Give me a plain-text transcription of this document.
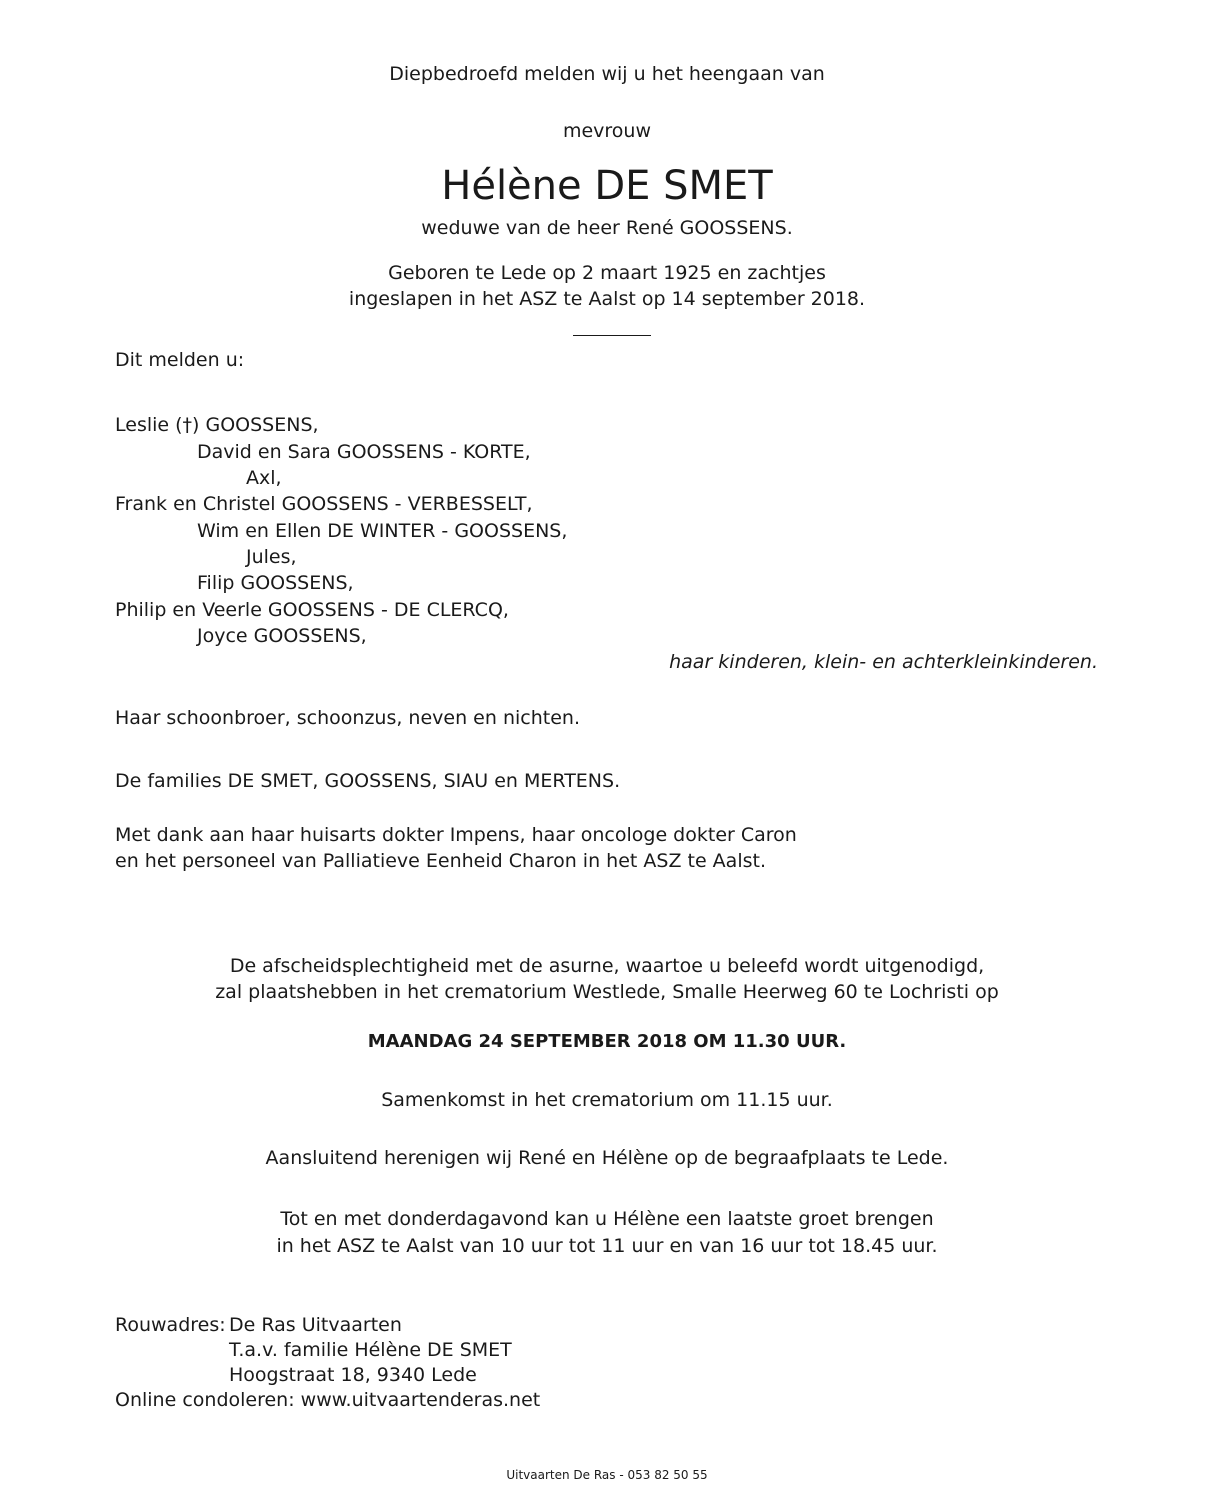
Diepbedroefd melden wij u het heengaan van
mevrouw
Hélène DE SMET
weduwe van de heer René GOOSSENS.
Geboren te Lede op 2 maart 1925 en zachtjes
ingeslapen in het ASZ te Aalst op 14 september 2018.
Dit melden u:
Leslie (†) GOOSSENS,
David en Sara GOOSSENS - KORTE,
Axl,
Frank en Christel GOOSSENS - VERBESSELT,
Wim en Ellen DE WINTER - GOOSSENS,
Jules,
Filip GOOSSENS,
Philip en Veerle GOOSSENS - DE CLERCQ,
Joyce GOOSSENS,
haar kinderen, klein- en achterkleinkinderen.
Haar schoonbroer, schoonzus, neven en nichten.
De families DE SMET, GOOSSENS, SIAU en MERTENS.
Met dank aan haar huisarts dokter Impens, haar oncologe dokter Caron
en het personeel van Palliatieve Eenheid Charon in het ASZ te Aalst.
De afscheidsplechtigheid met de asurne, waartoe u beleefd wordt uitgenodigd,
zal plaatshebben in het crematorium Westlede, Smalle Heerweg 60 te Lochristi op
MAANDAG 24 SEPTEMBER 2018 OM 11.30 UUR.
Samenkomst in het crematorium om 11.15 uur.
Aansluitend herenigen wij René en Hélène op de begraafplaats te Lede.
Tot en met donderdagavond kan u Hélène een laatste groet brengen
in het ASZ te Aalst van 10 uur tot 11 uur en van 16 uur tot 18.45 uur.
Rouwadres: De Ras Uitvaarten
T.a.v. familie Hélène DE SMET
Hoogstraat 18, 9340 Lede
Online condoleren: www.uitvaartenderas.net
Uitvaarten De Ras - 053 82 50 55
